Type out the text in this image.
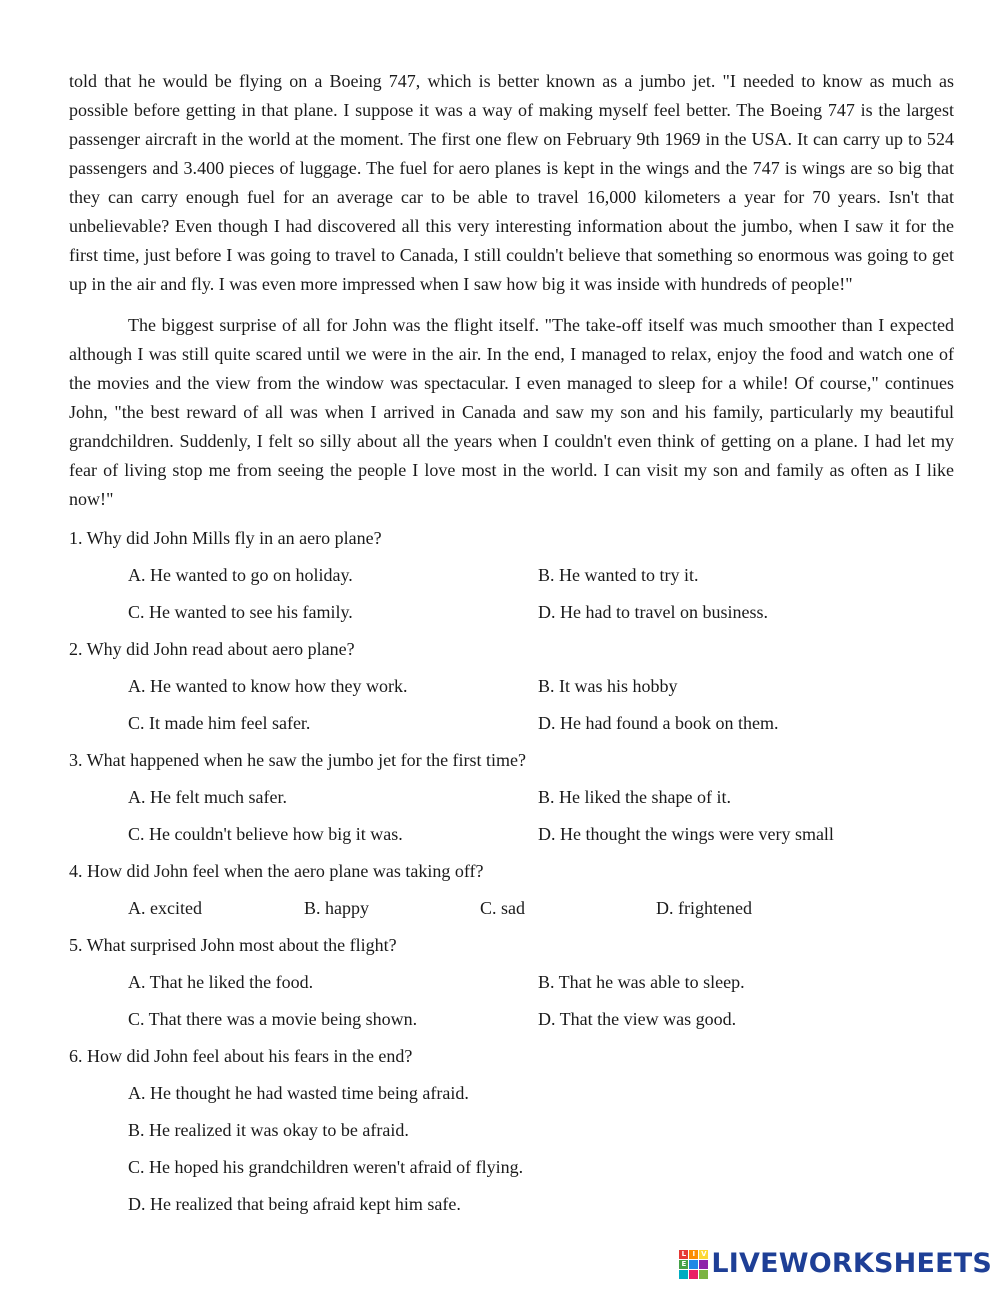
told that he would be flying on a Boeing 747, which is better known as a jumbo jet. "I needed to know as much as possible before getting in that plane. I suppose it was a way of making myself feel better. The Boeing 747 is the largest passenger aircraft in the world at the moment. The first one flew on February 9th 1969 in the USA. It can carry up to 524 passengers and 3.400 pieces of luggage. The fuel for aero planes is kept in the wings and the 747 is wings are so big that they can carry enough fuel for an average car to be able to travel 16,000 kilometers a year for 70 years. Isn't that unbelievable? Even though I had discovered all this very interesting information about the jumbo, when I saw it for the first time, just before I was going to travel to Canada, I still couldn't believe that something so enormous was going to get up in the air and fly. I was even more impressed when I saw how big it was inside with hundreds of people!"

The biggest surprise of all for John was the flight itself. "The take-off itself was much smoother than I expected although I was still quite scared until we were in the air. In the end, I managed to relax, enjoy the food and watch one of the movies and the view from the window was spectacular. I even managed to sleep for a while! Of course," continues John, "the best reward of all was when I arrived in Canada and saw my son and his family, particularly my beautiful grandchildren. Suddenly, I felt so silly about all the years when I couldn't even think of getting on a plane. I had let my fear of living stop me from seeing the people I love most in the world. I can visit my son and family as often as I like now!"

1. Why did John Mills fly in an aero plane?

A. He wanted to go on holiday.	B. He wanted to try it.
C. He wanted to see his family.	D. He had to travel on business.

2. Why did John read about aero plane?

A. He wanted to know how they work.	B. It was his hobby
C. It made him feel safer.	D. He had found a book on them.

3. What happened when he saw the jumbo jet for the first time?

A. He felt much safer.	B. He liked the shape of it.
C. He couldn't believe how big it was.	D. He thought the wings were very small

4. How did John feel when the aero plane was taking off?

A. excited	B. happy	C. sad	D. frightened

5. What surprised John most about the flight?

A. That he liked the food.	B. That he was able to sleep.
C. That there was a movie being shown.	D. That the view was good.

6. How did John feel about his fears in the end?

A. He thought he had wasted time being afraid.
B. He realized it was okay to be afraid.
C. He hoped his grandchildren weren't afraid of flying.
D. He realized that being afraid kept him safe.
L I V
E LIVEWORKSHEETS
